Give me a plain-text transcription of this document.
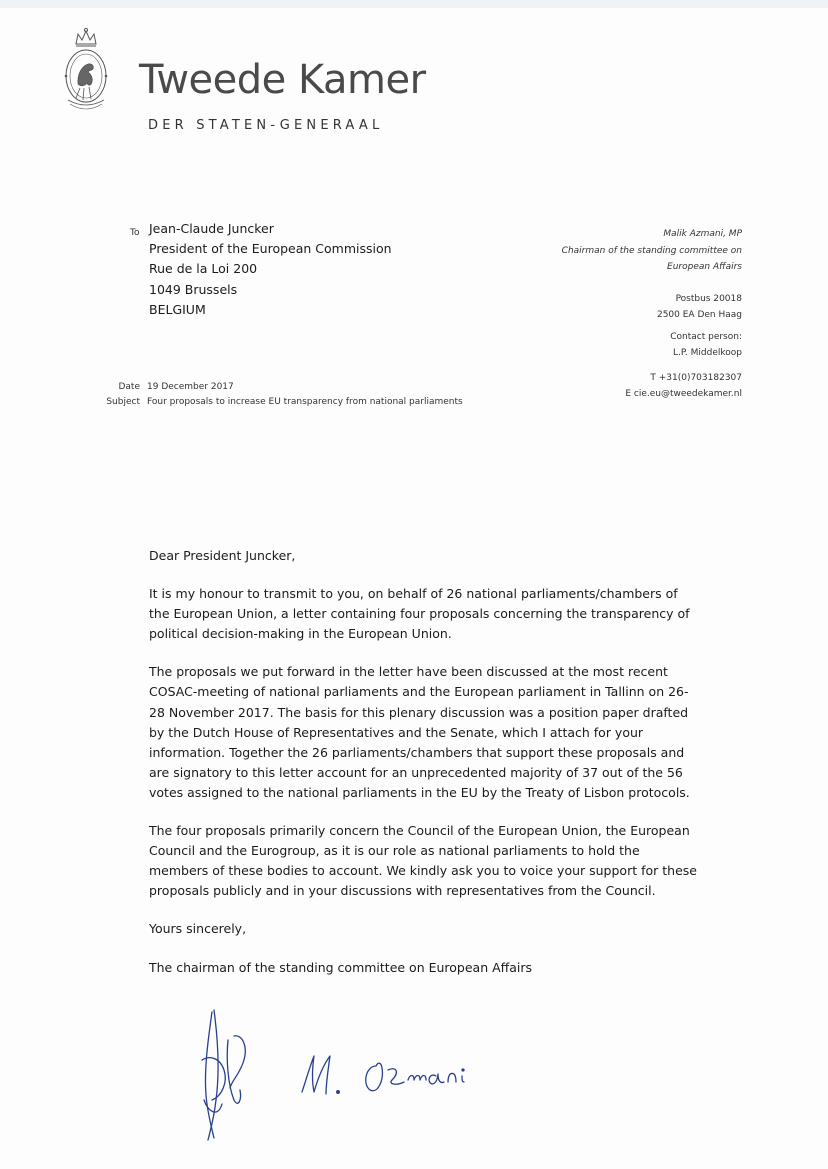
Tweede Kamer
DER STATEN-GENERAAL
To Jean-Claude Juncker
President of the European Commission
Rue de la Loi 200
1049 Brussels
BELGIUM
Malik Azmani, MP
Chairman of the standing committee on
European Affairs
Postbus 20018
2500 EA Den Haag
Contact person:
L.P. Middelkoop
T +31(0)703182307
E cie.eu@tweedekamer.nl
Date 19 December 2017
Subject Four proposals to increase EU transparency from national parliaments

Dear President Juncker,

It is my honour to transmit to you, on behalf of 26 national parliaments/chambers of
the European Union, a letter containing four proposals concerning the transparency of
political decision-making in the European Union.

The proposals we put forward in the letter have been discussed at the most recent
COSAC-meeting of national parliaments and the European parliament in Tallinn on 26-
28 November 2017. The basis for this plenary discussion was a position paper drafted
by the Dutch House of Representatives and the Senate, which I attach for your
information. Together the 26 parliaments/chambers that support these proposals and
are signatory to this letter account for an unprecedented majority of 37 out of the 56
votes assigned to the national parliaments in the EU by the Treaty of Lisbon protocols.

The four proposals primarily concern the Council of the European Union, the European
Council and the Eurogroup, as it is our role as national parliaments to hold the
members of these bodies to account. We kindly ask you to voice your support for these
proposals publicly and in your discussions with representatives from the Council.

Yours sincerely,

The chairman of the standing committee on European Affairs
